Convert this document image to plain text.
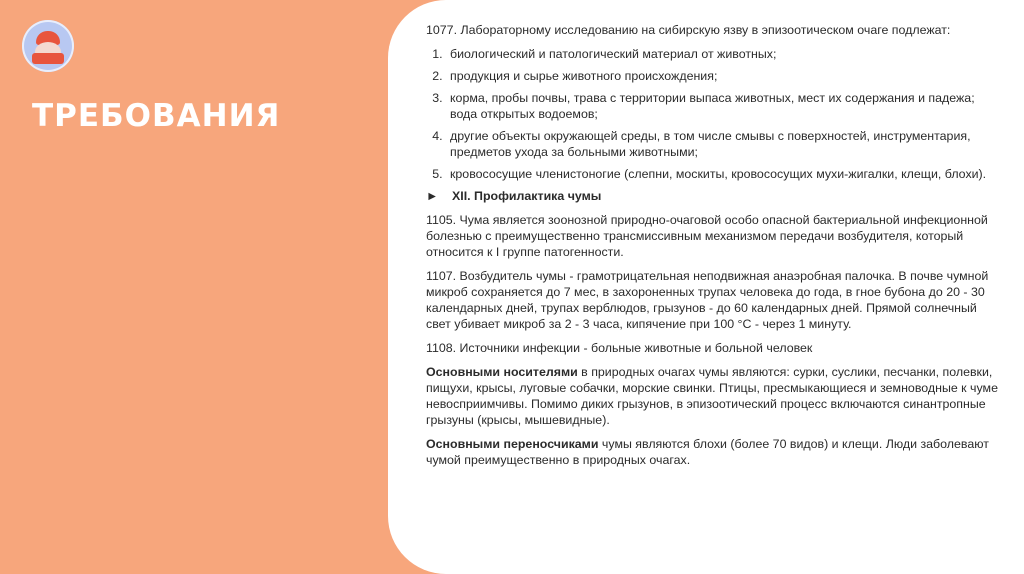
ТРЕБОВАНИЯ

1077. Лабораторному исследованию на сибирскую язву в эпизоотическом очаге подлежат:

1. биологический и патологический материал от животных;
2. продукция и сырье животного происхождения;
3. корма, пробы почвы, трава с территории выпаса животных, мест их содержания и падежа; вода открытых водоемов;
4. другие объекты окружающей среды, в том числе смывы с поверхностей, инструментария, предметов ухода за больными животными;
5. кровососущие членистоногие (слепни, москиты, кровососущих мухи-жигалки, клещи, блохи).
►	XII. Профилактика чумы

1105. Чума является зоонозной природно-очаговой особо опасной бактериальной инфекционной болезнью с преимущественно трансмиссивным механизмом передачи возбудителя, который относится к I группе патогенности.

1107. Возбудитель чумы - грамотрицательная неподвижная анаэробная палочка. В почве чумной микроб сохраняется до 7 мес, в захороненных трупах человека до года, в гное бубона до 20 - 30 календарных дней, трупах верблюдов, грызунов - до 60 календарных дней. Прямой солнечный свет убивает микроб за 2 - 3 часа, кипячение при 100 °C - через 1 минуту.

1108. Источники инфекции - больные животные и больной человек

Основными носителями в природных очагах чумы являются: сурки, суслики, песчанки, полевки, пищухи, крысы, луговые собачки, морские свинки. Птицы, пресмыкающиеся и земноводные к чуме невосприимчивы. Помимо диких грызунов, в эпизоотический процесс включаются синантропные грызуны (крысы, мышевидные).

Основными переносчиками чумы являются блохи (более 70 видов) и клещи. Люди заболевают чумой преимущественно в природных очагах.
